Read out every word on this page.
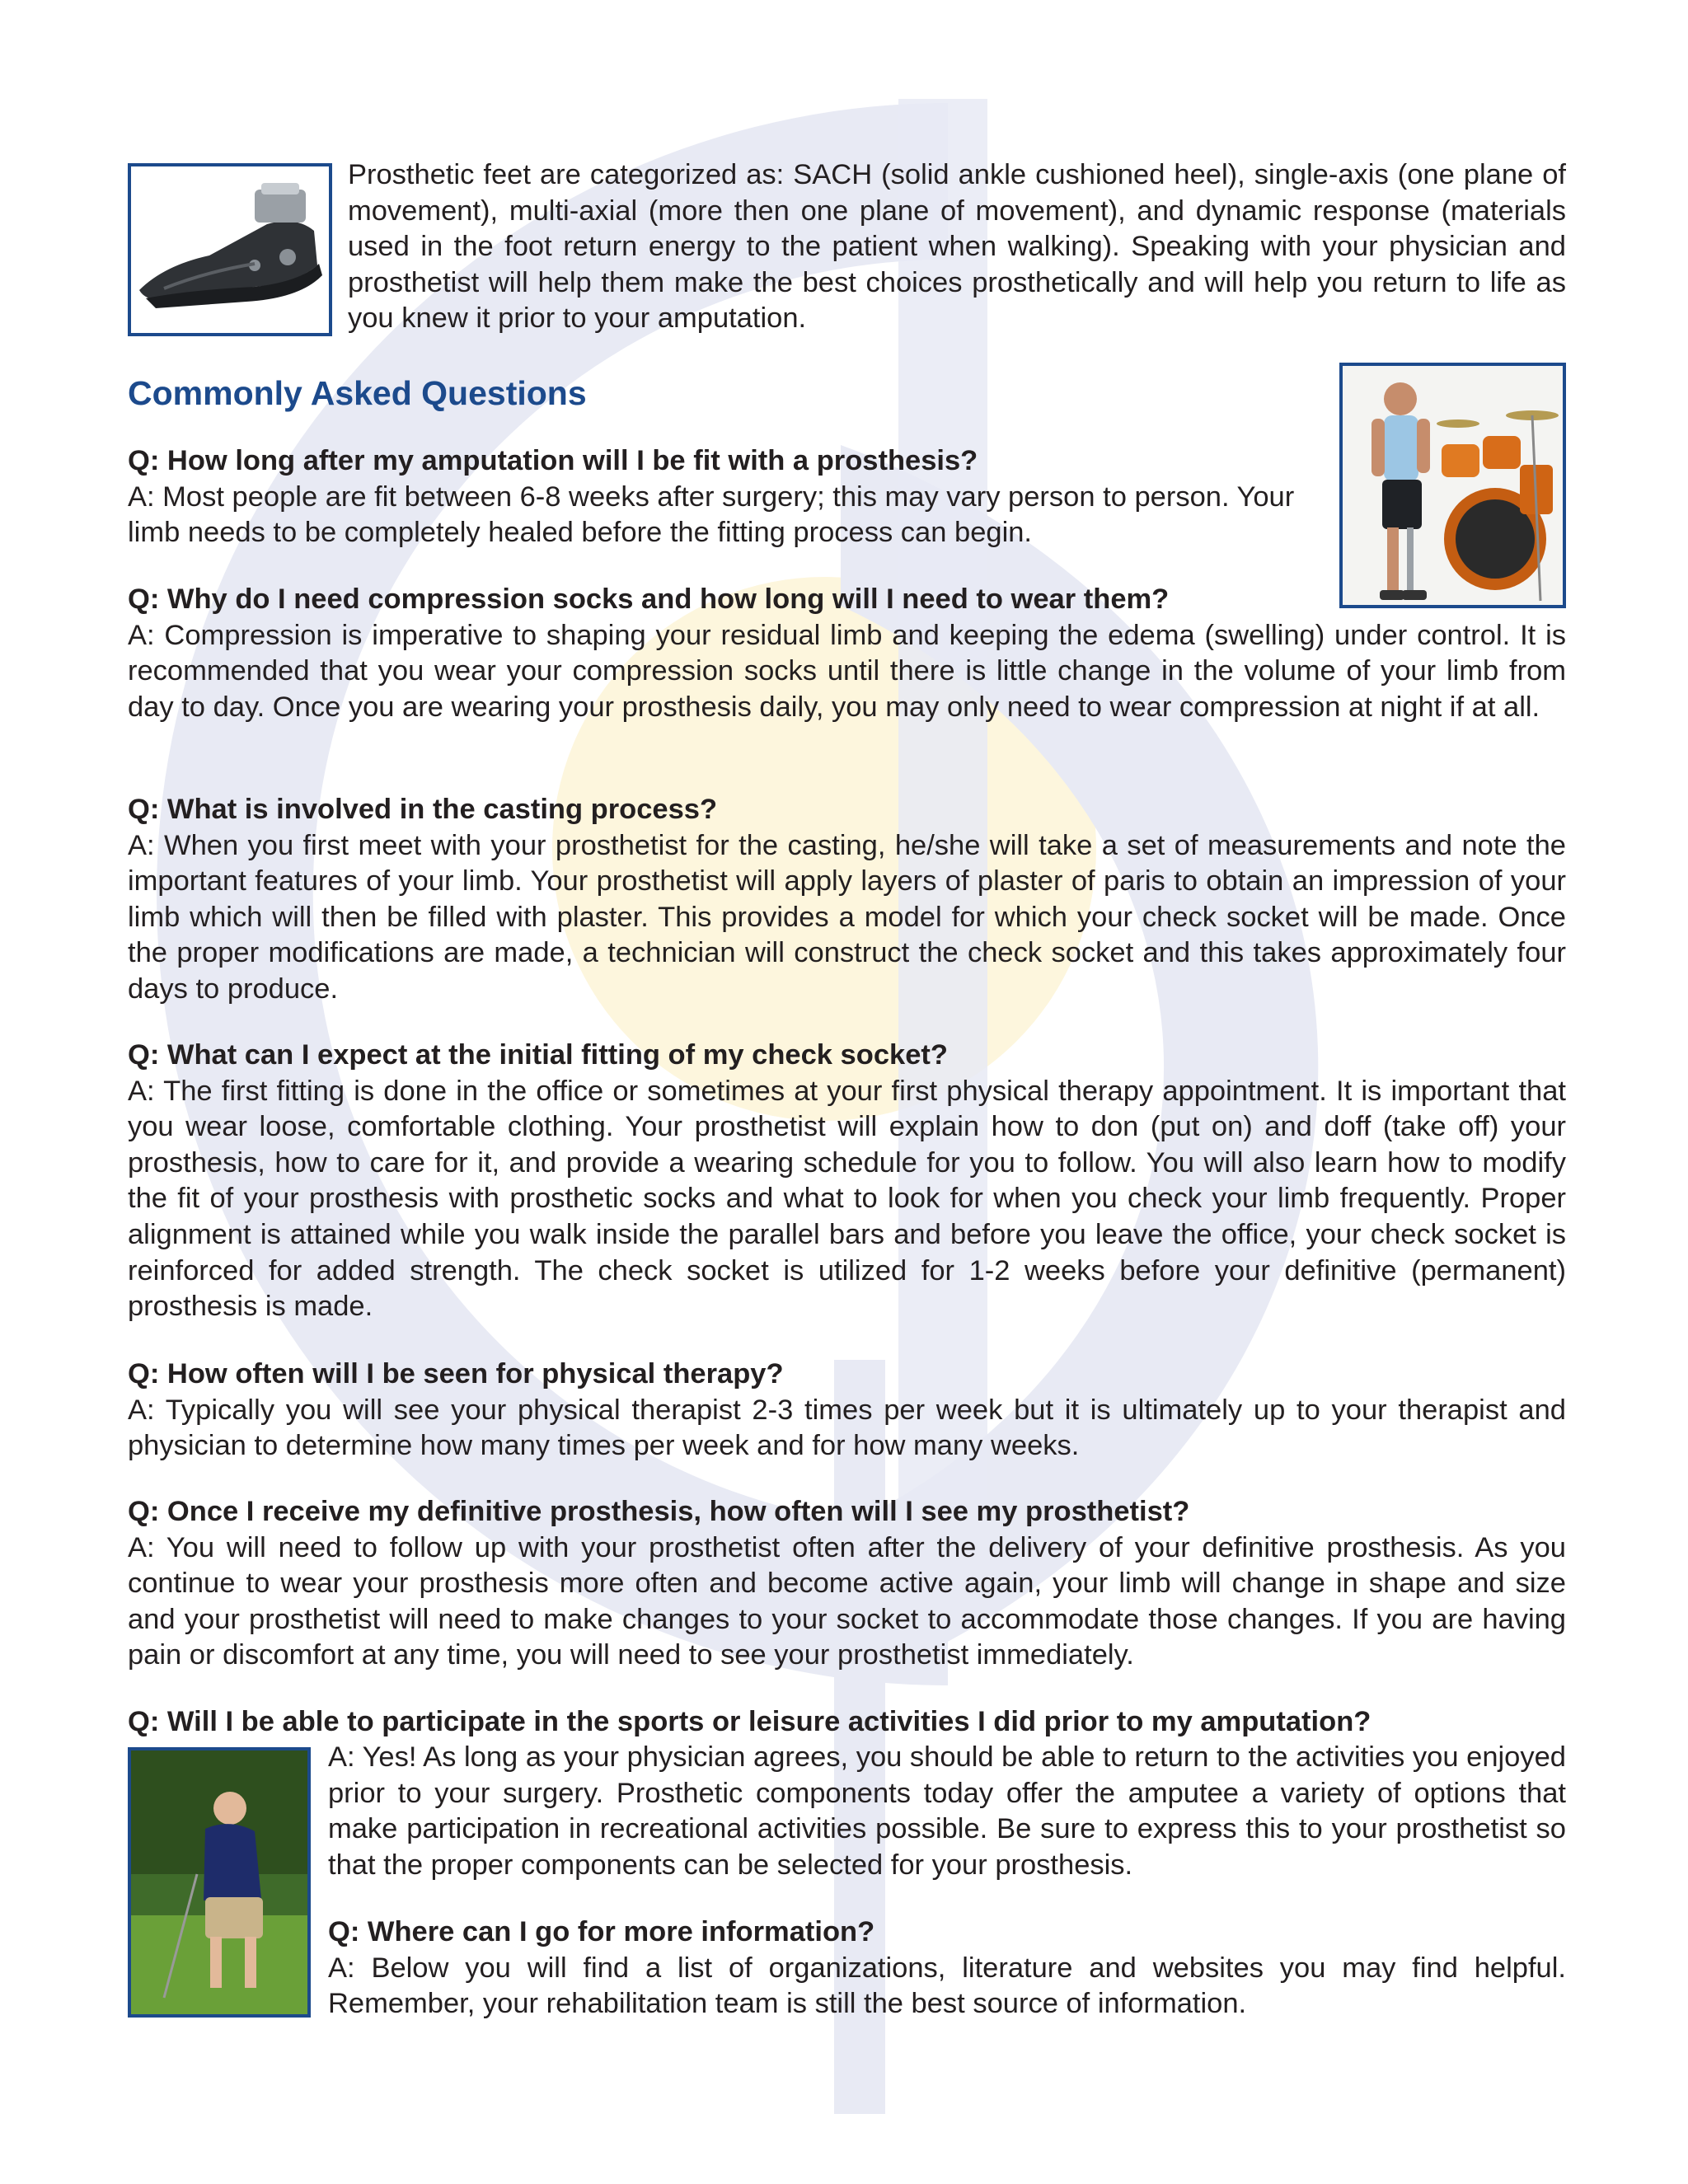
Prosthetic feet are categorized as: SACH (solid ankle cushioned heel), single-axis (one plane of movement), multi-axial (more then one plane of movement), and dynamic response (materials used in the foot return energy to the patient when walking). Speaking with your physician and prosthetist will help them make the best choices prosthetically and will help you return to life as you knew it prior to your amputation.

Commonly Asked Questions

Q: How long after my amputation will I be fit with a prosthesis?

A: Most people are fit between 6-8 weeks after surgery; this may vary person to person. Your limb needs to be completely healed before the fitting process can begin.

Q: Why do I need compression socks and how long will I need to wear them?

A: Compression is imperative to shaping your residual limb and keeping the edema (swelling) under control. It is recommended that you wear your compression socks until there is little change in the volume of your limb from day to day. Once you are wearing your prosthesis daily, you may only need to wear compression at night if at all.

Q: What is involved in the casting process?

A: When you first meet with your prosthetist for the casting, he/she will take a set of measurements and note the important features of your limb. Your prosthetist will apply layers of plaster of paris to obtain an impression of your limb which will then be filled with plaster. This provides a model for which your check socket will be made. Once the proper modifications are made, a technician will construct the check socket and this takes approximately four days to produce.

Q: What can I expect at the initial fitting of my check socket?

A: The first fitting is done in the office or sometimes at your first physical therapy appointment. It is important that you wear loose, comfortable clothing. Your prosthetist will explain how to don (put on) and doff (take off) your prosthesis, how to care for it, and provide a wearing schedule for you to follow. You will also learn how to modify the fit of your prosthesis with prosthetic socks and what to look for when you check your limb frequently. Proper alignment is attained while you walk inside the parallel bars and before you leave the office, your check socket is reinforced for added strength. The check socket is utilized for 1-2 weeks before your definitive (permanent) prosthesis is made.

Q: How often will I be seen for physical therapy?

A: Typically you will see your physical therapist 2-3 times per week but it is ultimately up to your therapist and physician to determine how many times per week and for how many weeks.

Q: Once I receive my definitive prosthesis, how often will I see my prosthetist?

A: You will need to follow up with your prosthetist often after the delivery of your definitive prosthesis. As you continue to wear your prosthesis more often and become active again, your limb will change in shape and size and your prosthetist will need to make changes to your socket to accommodate those changes. If you are having pain or discomfort at any time, you will need to see your prosthetist immediately.

Q: Will I be able to participate in the sports or leisure activities I did prior to my amputation?

A: Yes! As long as your physician agrees, you should be able to return to the activities you enjoyed prior to your surgery. Prosthetic components today offer the amputee a variety of options that make participation in recreational activities possible. Be sure to express this to your prosthetist so that the proper components can be selected for your prosthesis.

Q: Where can I go for more information?

A: Below you will find a list of organizations, literature and websites you may find helpful. Remember, your rehabilitation team is still the best source of information.
